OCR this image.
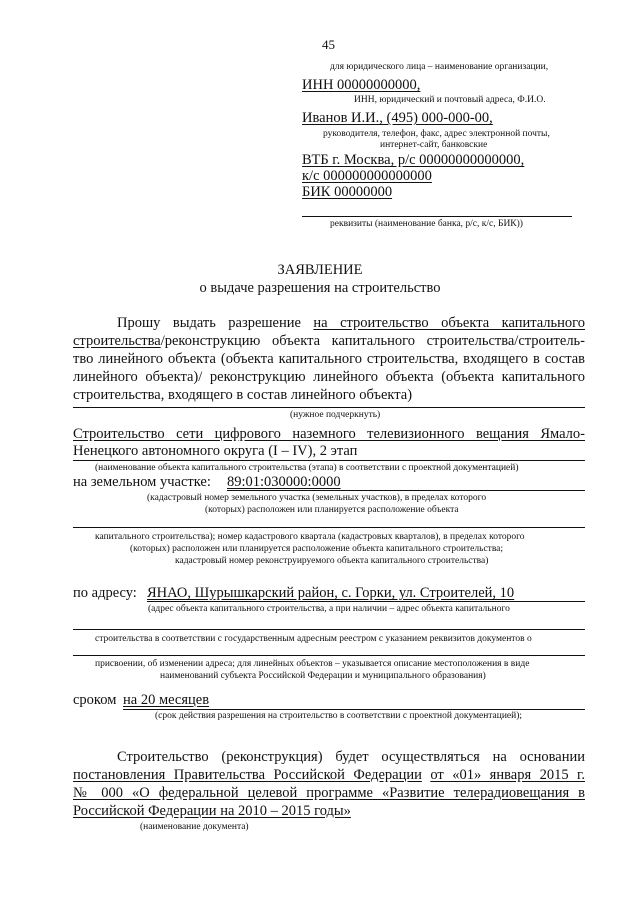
45
для юридического лица – наименование организации,
ИНН 00000000000,
ИНН, юридический и почтовый адреса, Ф.И.О.
Иванов И.И., (495) 000-000-00,
руководителя, телефон, факс, адрес электронной почты,
интернет-сайт, банковские
ВТБ г. Москва, р/с 00000000000000,
к/с 000000000000000
БИК 00000000
реквизиты (наименование банка, р/с, к/с, БИК))
ЗАЯВЛЕНИЕ
о выдаче разрешения на строительство
Прошу выдать разрешение на строительство объекта капитального
строительства/реконструкцию объекта капитального строительства/строитель-
тво линейного объекта (объекта капитального строительства, входящего в состав
линейного объекта)/ реконструкцию линейного объекта (объекта капитального
строительства, входящего в состав линейного объекта)
(нужное подчеркнуть)
Строительство сети цифрового наземного телевизионного вещания Ямало-
Ненецкого автономного округа (I – IV), 2 этап
(наименование объекта капитального строительства (этапа) в соответствии с проектной документацией)
на земельном участке: 89:01:030000:0000
(кадастровый номер земельного участка (земельных участков), в пределах которого
(которых) расположен или планируется расположение объекта
капитального строительства); номер кадастрового квартала (кадастровых кварталов), в пределах которого
(которых) расположен или планируется расположение объекта капитального строительства;
кадастровый номер реконструируемого объекта капитального строительства)
по адресу: ЯНАО, Шурышкарский район, с. Горки, ул. Строителей, 10
(адрес объекта капитального строительства, а при наличии – адрес объекта капитального
строительства в соответствии с государственным адресным реестром с указанием реквизитов документов о
присвоении, об изменении адреса; для линейных объектов – указывается описание местоположения в виде
наименований субъекта Российской Федерации и муниципального образования)
сроком на 20 месяцев
(срок действия разрешения на строительство в соответствии с проектной документацией);
Строительство (реконструкция) будет осуществляться на основании
постановления Правительства Российской Федерации от «01» января 2015 г.
№ 000 «О федеральной целевой программе «Развитие телерадиовещания в
Российской Федерации на 2010 – 2015 годы»
(наименование документа)
